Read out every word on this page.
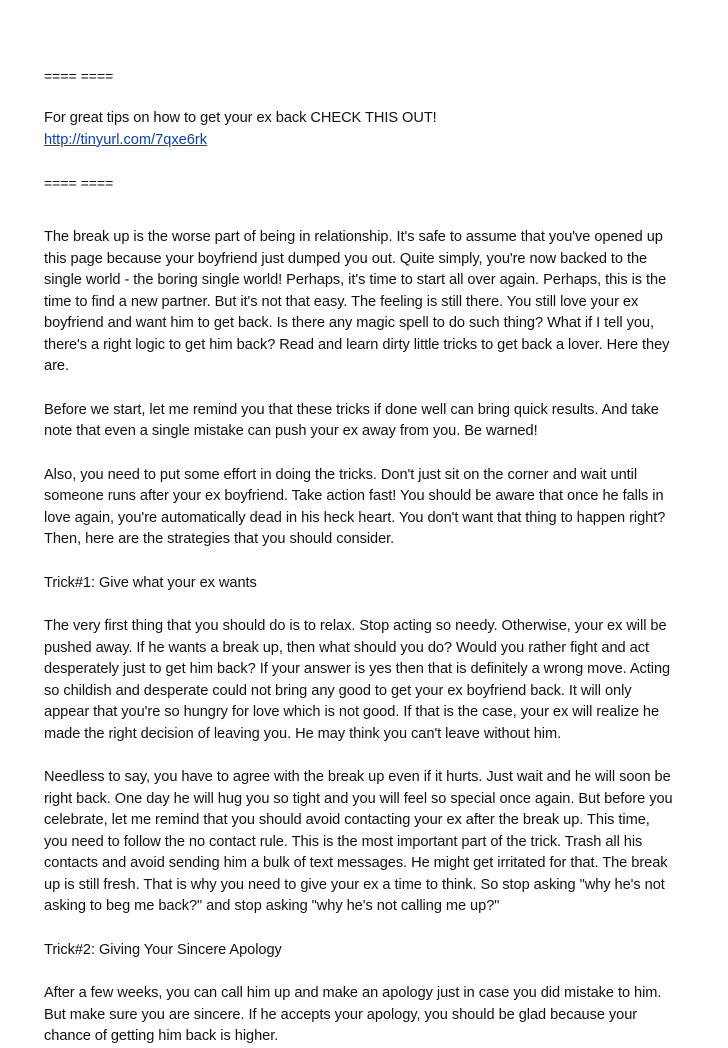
==== ====

For great tips on how to get your ex back CHECK THIS OUT!

http://tinyurl.com/7qxe6rk

==== ====

The break up is the worse part of being in relationship. It's safe to assume that you've opened up
this page because your boyfriend just dumped you out. Quite simply, you're now backed to the
single world - the boring single world! Perhaps, it's time to start all over again. Perhaps, this is the
time to find a new partner. But it's not that easy. The feeling is still there. You still love your ex
boyfriend and want him to get back. Is there any magic spell to do such thing? What if I tell you,
there's a right logic to get him back? Read and learn dirty little tricks to get back a lover. Here they
are.

Before we start, let me remind you that these tricks if done well can bring quick results. And take
note that even a single mistake can push your ex away from you. Be warned!

Also, you need to put some effort in doing the tricks. Don't just sit on the corner and wait until
someone runs after your ex boyfriend. Take action fast! You should be aware that once he falls in
love again, you're automatically dead in his heck heart. You don't want that thing to happen right?
Then, here are the strategies that you should consider.

Trick#1: Give what your ex wants

The very first thing that you should do is to relax. Stop acting so needy. Otherwise, your ex will be
pushed away. If he wants a break up, then what should you do? Would you rather fight and act
desperately just to get him back? If your answer is yes then that is definitely a wrong move. Acting
so childish and desperate could not bring any good to get your ex boyfriend back. It will only
appear that you're so hungry for love which is not good. If that is the case, your ex will realize he
made the right decision of leaving you. He may think you can't leave without him.

Needless to say, you have to agree with the break up even if it hurts. Just wait and he will soon be
right back. One day he will hug you so tight and you will feel so special once again. But before you
celebrate, let me remind that you should avoid contacting your ex after the break up. This time,
you need to follow the no contact rule. This is the most important part of the trick. Trash all his
contacts and avoid sending him a bulk of text messages. He might get irritated for that. The break
up is still fresh. That is why you need to give your ex a time to think. So stop asking "why he's not
asking to beg me back?" and stop asking "why he's not calling me up?"

Trick#2: Giving Your Sincere Apology

After a few weeks, you can call him up and make an apology just in case you did mistake to him.
But make sure you are sincere. If he accepts your apology, you should be glad because your
chance of getting him back is higher.
